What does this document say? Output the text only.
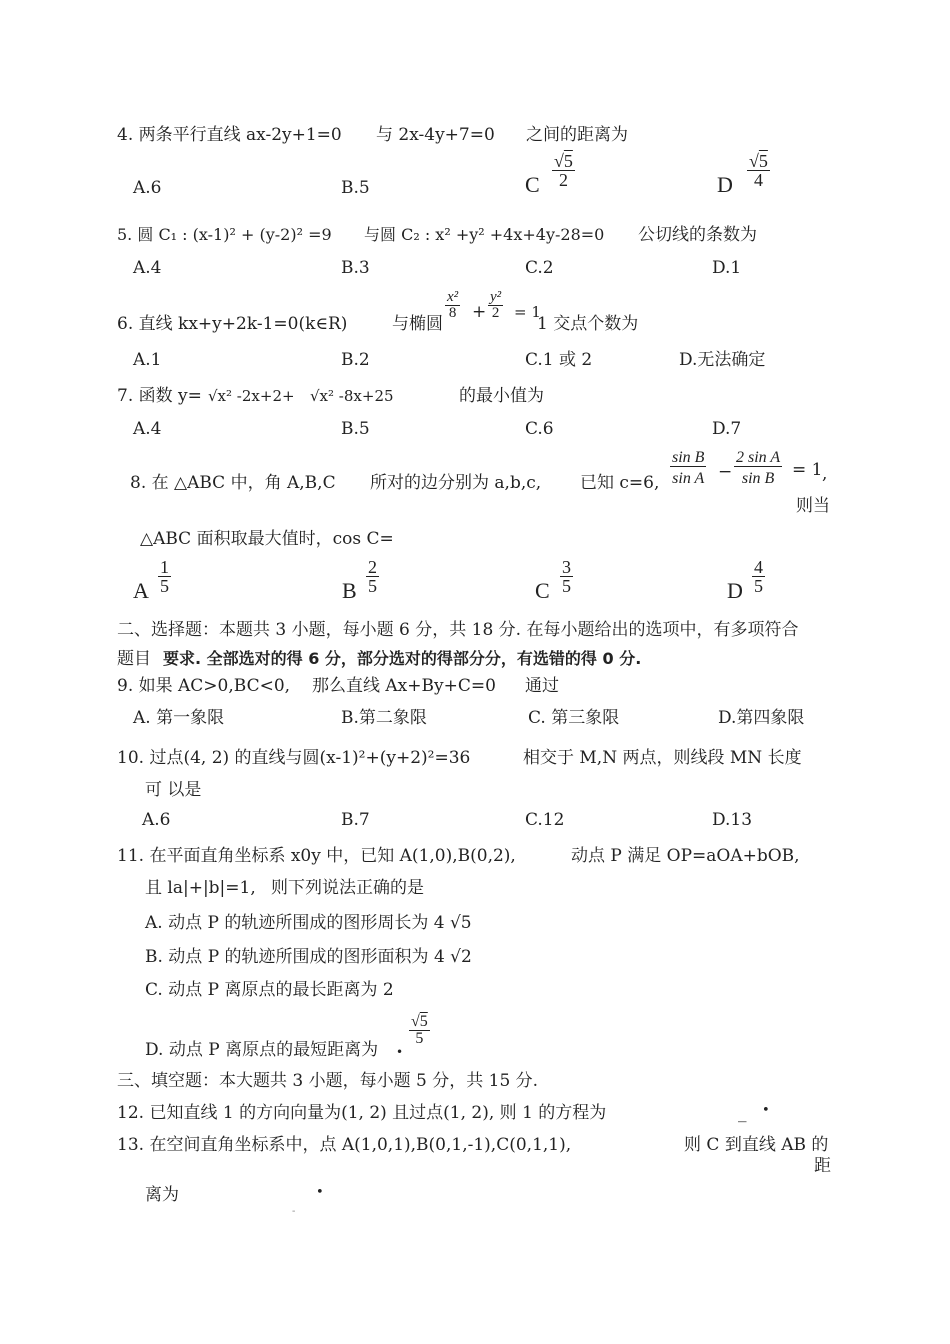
4. 两条平行直线 ax-2y+1=0 与 2x-4y+7=0 之间的距离为
A.6	B.5	C $\frac{√5}{2}$	D $\frac{√5}{4}$
5. 圆 C₁ : (x-1)² + (y-2)² =9 与圆 C₂ : x² +y² +4x+4y-28=0 公切线的条数为
A.4	B.3	C.2	D.1
6. 直线 kx+y+2k-1=0(k∈R)	与椭圆
$\frac{\text{x²}}{8} + \frac{\text{y²}}{2} = 1$
1 交点个数为
A.1	B.2	C.1 或 2	D.无法确定
7. 函数 y= √x² -2x+2+ √x² -8x+25	的最小值为
A.4	B.5	C.6	D.7
8. 在 △ABC 中，角 A,B,C 所对的边分别为 a,b,c, 已知 c=6, $\frac{\text{sin B}}{\text{sin A}} - \frac{\text{2 sin A}}{\text{sin B}} = 1$ ,
则当
△ABC 面积取最大值时，cos C=
A $\frac{1}{5}$	B $\frac{2}{5}$	C $\frac{3}{5}$	D $\frac{4}{5}$
二、选择题：本题共 3 小题，每小题 6 分，共 18 分. 在每小题给出的选项中，有多项符合
题目 要求. 全部选对的得 6 分，部分选对的得部分分，有选错的得 0 分.
9. 如果 AC>0,BC<0, 那么直线 Ax+By+C=0 通过
A. 第一象限	B.第二象限	C. 第三象限	D.第四象限
10. 过点(4, 2) 的直线与圆(x-1)²+(y+2)²=36	相交于 M,N 两点，则线段 MN 长度
可 以是
A.6	B.7	C.12	D.13
11. 在平面直角坐标系 x0y 中，已知 A(1,0),B(0,2),	动点 P 满足 OP=aOA+bOB,
且 la|+|b|=1, 则下列说法正确的是
A. 动点 P 的轨迹所围成的图形周长为 4 √5
B. 动点 P 的轨迹所围成的图形面积为 4 √2
C. 动点 P 离原点的最长距离为 2
D. 动点 P 离原点的最短距离为 •
$\frac{√5}{5}$
三、填空题：本大题共 3 小题，每小题 5 分，共 15 分.
12. 已知直线 1 的方向向量为(1, 2) 且过点(1, 2), 则 1 的方程为	_ •
13. 在空间直角坐标系中，点 A(1,0,1),B(0,1,-1),C(0,1,1),	则 C 到直线 AB 的
距
离为	•
-
